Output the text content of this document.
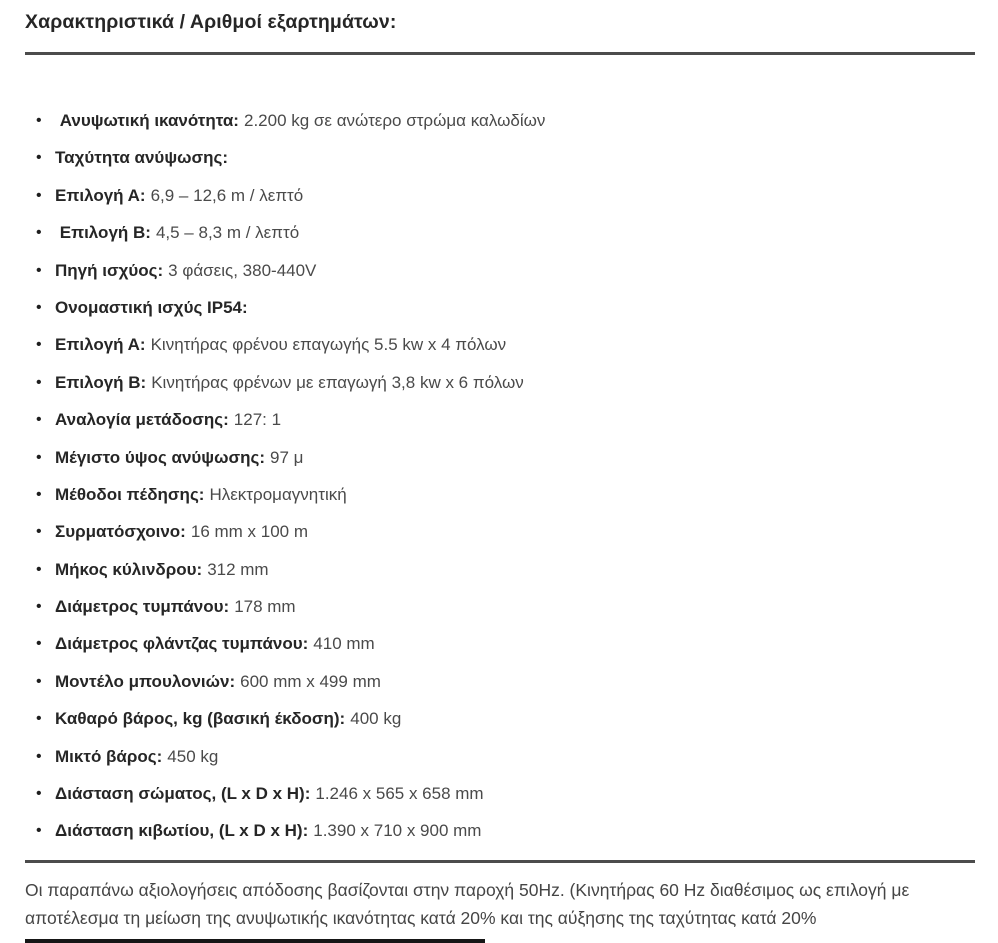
Χαρακτηριστικά / Αριθμοί εξαρτημάτων:
• Ανυψωτική ικανότητα: 2.200 kg σε ανώτερο στρώμα καλωδίων
• Ταχύτητα ανύψωσης:
• Επιλογή Α: 6,9 – 12,6 m / λεπτό
• Επιλογή Β: 4,5 – 8,3 m / λεπτό
• Πηγή ισχύος: 3 φάσεις, 380-440V
• Ονομαστική ισχύς IP54:
• Επιλογή Α: Κινητήρας φρένου επαγωγής 5.5 kw x 4 πόλων
• Επιλογή Β: Κινητήρας φρένων με επαγωγή 3,8 kw x 6 πόλων
• Αναλογία μετάδοσης: 127: 1
• Μέγιστο ύψος ανύψωσης: 97 μ
• Μέθοδοι πέδησης: Ηλεκτρομαγνητική
• Συρματόσχοινο: 16 mm x 100 m
• Μήκος κύλινδρου: 312 mm
• Διάμετρος τυμπάνου: 178 mm
• Διάμετρος φλάντζας τυμπάνου: 410 mm
• Μοντέλο μπουλονιών: 600 mm x 499 mm
• Καθαρό βάρος, kg (βασική έκδοση): 400 kg
• Μικτό βάρος: 450 kg
• Διάσταση σώματος, (L x D x H): 1.246 x 565 x 658 mm
• Διάσταση κιβωτίου, (L x D x H): 1.390 x 710 x 900 mm

Οι παραπάνω αξιολογήσεις απόδοσης βασίζονται στην παροχή 50Hz. (Κινητήρας 60 Hz διαθέσιμος ως επιλογή με αποτέλεσμα τη μείωση της ανυψωτικής ικανότητας κατά 20% και της αύξησης της ταχύτητας κατά 20%
